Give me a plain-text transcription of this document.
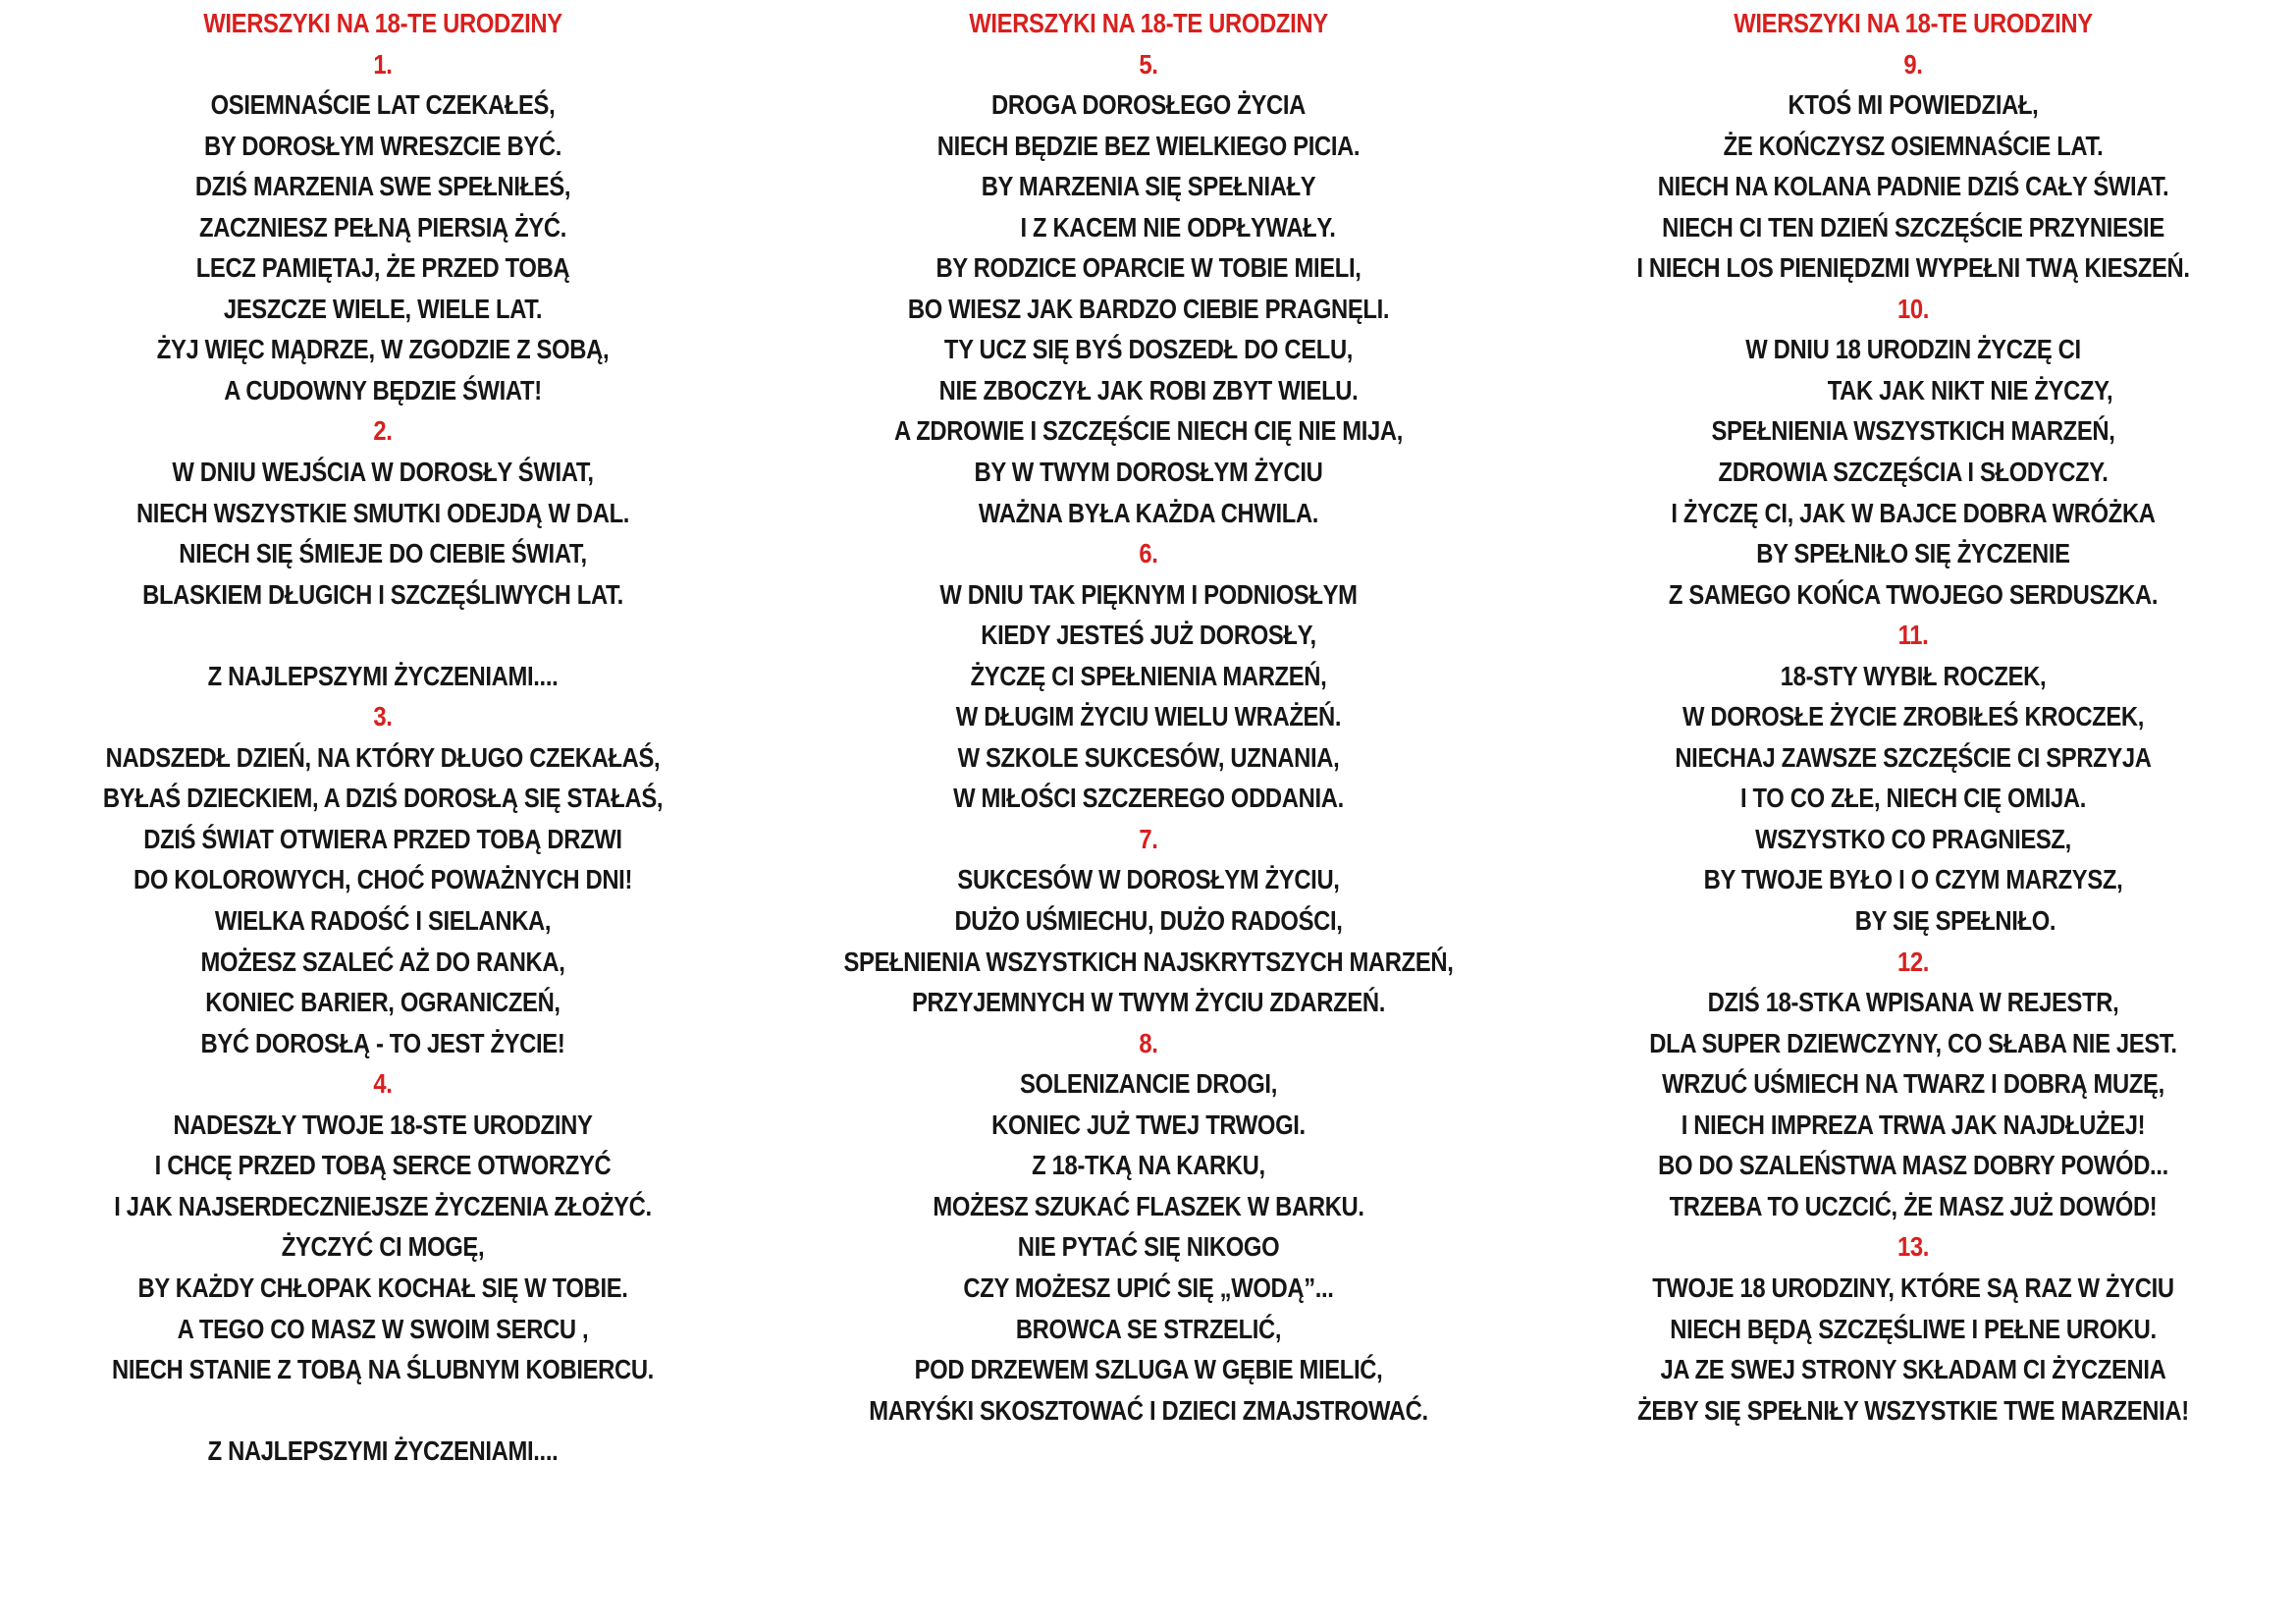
WIERSZYKI NA 18-TE URODZINY
1.
OSIEMNAŚCIE LAT CZEKAŁEŚ,
BY DOROSŁYM WRESZCIE BYĆ.
DZIŚ MARZENIA SWE SPEŁNIŁEŚ,
ZACZNIESZ PEŁNĄ PIERSIĄ ŻYĆ.
LECZ PAMIĘTAJ, ŻE PRZED TOBĄ
JESZCZE WIELE, WIELE LAT.
ŻYJ WIĘC MĄDRZE, W ZGODZIE Z SOBĄ,
A CUDOWNY BĘDZIE ŚWIAT!
2.
W DNIU WEJŚCIA W DOROSŁY ŚWIAT,
NIECH WSZYSTKIE SMUTKI ODEJDĄ W DAL.
NIECH SIĘ ŚMIEJE DO CIEBIE ŚWIAT,
BLASKIEM DŁUGICH I SZCZĘŚLIWYCH LAT.
Z NAJLEPSZYMI ŻYCZENIAMI....
3.
NADSZEDŁ DZIEŃ, NA KTÓRY DŁUGO CZEKAŁAŚ,
BYŁAŚ DZIECKIEM, A DZIŚ DOROSŁĄ SIĘ STAŁAŚ,
DZIŚ ŚWIAT OTWIERA PRZED TOBĄ DRZWI
DO KOLOROWYCH, CHOĆ POWAŻNYCH DNI!
WIELKA RADOŚĆ I SIELANKA,
MOŻESZ SZALEĆ AŻ DO RANKA,
KONIEC BARIER, OGRANICZEŃ,
BYĆ DOROSŁĄ - TO JEST ŻYCIE!
4.
NADESZŁY TWOJE 18-STE URODZINY
I CHCĘ PRZED TOBĄ SERCE OTWORZYĆ
I JAK NAJSERDECZNIEJSZE ŻYCZENIA ZŁOŻYĆ.
ŻYCZYĆ CI MOGĘ,
BY KAŻDY CHŁOPAK KOCHAŁ SIĘ W TOBIE.
A TEGO CO MASZ W SWOIM SERCU ,
NIECH STANIE Z TOBĄ NA ŚLUBNYM KOBIERCU.
Z NAJLEPSZYMI ŻYCZENIAMI....
WIERSZYKI NA 18-TE URODZINY
5.
DROGA DOROSŁEGO ŻYCIA
NIECH BĘDZIE BEZ WIELKIEGO PICIA.
BY MARZENIA SIĘ SPEŁNIAŁY
I Z KACEM NIE ODPŁYWAŁY.
BY RODZICE OPARCIE W TOBIE MIELI,
BO WIESZ JAK BARDZO CIEBIE PRAGNĘLI.
TY UCZ SIĘ BYŚ DOSZEDŁ DO CELU,
NIE ZBOCZYŁ JAK ROBI ZBYT WIELU.
A ZDROWIE I SZCZĘŚCIE NIECH CIĘ NIE MIJA,
BY W TWYM DOROSŁYM ŻYCIU
WAŻNA BYŁA KAŻDA CHWILA.
6.
W DNIU TAK PIĘKNYM I PODNIOSŁYM
KIEDY JESTEŚ JUŻ DOROSŁY,
ŻYCZĘ CI SPEŁNIENIA MARZEŃ,
W DŁUGIM ŻYCIU WIELU WRAŻEŃ.
W SZKOLE SUKCESÓW, UZNANIA,
W MIŁOŚCI SZCZEREGO ODDANIA.
7.
SUKCESÓW W DOROSŁYM ŻYCIU,
DUŻO UŚMIECHU, DUŻO RADOŚCI,
SPEŁNIENIA WSZYSTKICH NAJSKRYTSZYCH MARZEŃ,
PRZYJEMNYCH W TWYM ŻYCIU ZDARZEŃ.
8.
SOLENIZANCIE DROGI,
KONIEC JUŻ TWEJ TRWOGI.
Z 18-TKĄ NA KARKU,
MOŻESZ SZUKAĆ FLASZEK W BARKU.
NIE PYTAĆ SIĘ NIKOGO
CZY MOŻESZ UPIĆ SIĘ „WODĄ”...
BROWCA SE STRZELIĆ,
POD DRZEWEM SZLUGA W GĘBIE MIELIĆ,
MARYŚKI SKOSZTOWAĆ I DZIECI ZMAJSTROWAĆ.
WIERSZYKI NA 18-TE URODZINY
9.
KTOŚ MI POWIEDZIAŁ,
ŻE KOŃCZYSZ OSIEMNAŚCIE LAT.
NIECH NA KOLANA PADNIE DZIŚ CAŁY ŚWIAT.
NIECH CI TEN DZIEŃ SZCZĘŚCIE PRZYNIESIE
I NIECH LOS PIENIĘDZMI WYPEŁNI TWĄ KIESZEŃ.
10.
W DNIU 18 URODZIN ŻYCZĘ CI
TAK JAK NIKT NIE ŻYCZY,
SPEŁNIENIA WSZYSTKICH MARZEŃ,
ZDROWIA SZCZĘŚCIA I SŁODYCZY.
I ŻYCZĘ CI, JAK W BAJCE DOBRA WRÓŻKA
BY SPEŁNIŁO SIĘ ŻYCZENIE
Z SAMEGO KOŃCA TWOJEGO SERDUSZKA.
11.
18-STY WYBIŁ ROCZEK,
W DOROSŁE ŻYCIE ZROBIŁEŚ KROCZEK,
NIECHAJ ZAWSZE SZCZĘŚCIE CI SPRZYJA
I TO CO ZŁE, NIECH CIĘ OMIJA.
WSZYSTKO CO PRAGNIESZ,
BY TWOJE BYŁO I O CZYM MARZYSZ,
BY SIĘ SPEŁNIŁO.
12.
DZIŚ 18-STKA WPISANA W REJESTR,
DLA SUPER DZIEWCZYNY, CO SŁABA NIE JEST.
WRZUĆ UŚMIECH NA TWARZ I DOBRĄ MUZĘ,
I NIECH IMPREZA TRWA JAK NAJDŁUŻEJ!
BO DO SZALEŃSTWA MASZ DOBRY POWÓD...
TRZEBA TO UCZCIĆ, ŻE MASZ JUŻ DOWÓD!
13.
TWOJE 18 URODZINY, KTÓRE SĄ RAZ W ŻYCIU
NIECH BĘDĄ SZCZĘŚLIWE I PEŁNE UROKU.
JA ZE SWEJ STRONY SKŁADAM CI ŻYCZENIA
ŻEBY SIĘ SPEŁNIŁY WSZYSTKIE TWE MARZENIA!
